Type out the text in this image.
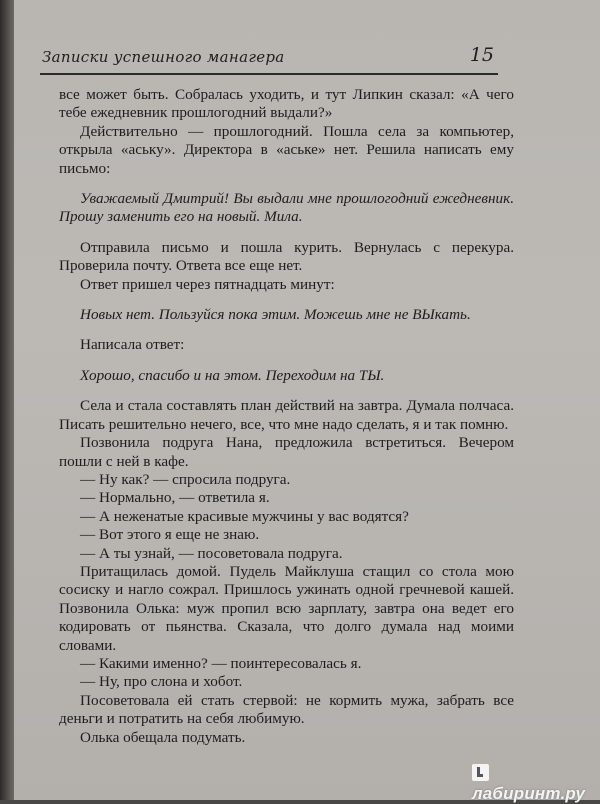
Записки успешного манагера	15

все может быть. Собралась уходить, и тут Липкин сказал: «А чего тебе ежедневник прошлогодний выдали?»

Действительно — прошлогодний. Пошла села за компьютер, открыла «аську». Директора в «аське» нет. Решила написать ему письмо:

Уважаемый Дмитрий! Вы выдали мне прошлогодний ежедневник. Прошу заменить его на новый. Мила.

Отправила письмо и пошла курить. Вернулась с перекура. Проверила почту. Ответа все еще нет.

Ответ пришел через пятнадцать минут:

Новых нет. Пользуйся пока этим. Можешь мне не ВЫкать.

Написала ответ:

Хорошо, спасибо и на этом. Переходим на ТЫ.

Села и стала составлять план действий на завтра. Думала полчаса. Писать решительно нечего, все, что мне надо сделать, я и так помню.

Позвонила подруга Нана, предложила встретиться. Вечером пошли с ней в кафе.

— Ну как? — спросила подруга.

— Нормально, — ответила я.

— А неженатые красивые мужчины у вас водятся?

— Вот этого я еще не знаю.

— А ты узнай, — посоветовала подруга.

Притащилась домой. Пудель Майклуша стащил со стола мою сосиску и нагло сожрал. Пришлось ужинать одной гречневой кашей. Позвонила Олька: муж пропил всю зарплату, завтра она ведет его кодировать от пьянства. Сказала, что долго думала над моими словами.

— Какими именно? — поинтересовалась я.

— Ну, про слона и хобот.

Посоветовала ей стать стервой: не кормить мужа, забрать все деньги и потратить на себя любимую.

Олька обещала подумать.

лабиринт.ру
